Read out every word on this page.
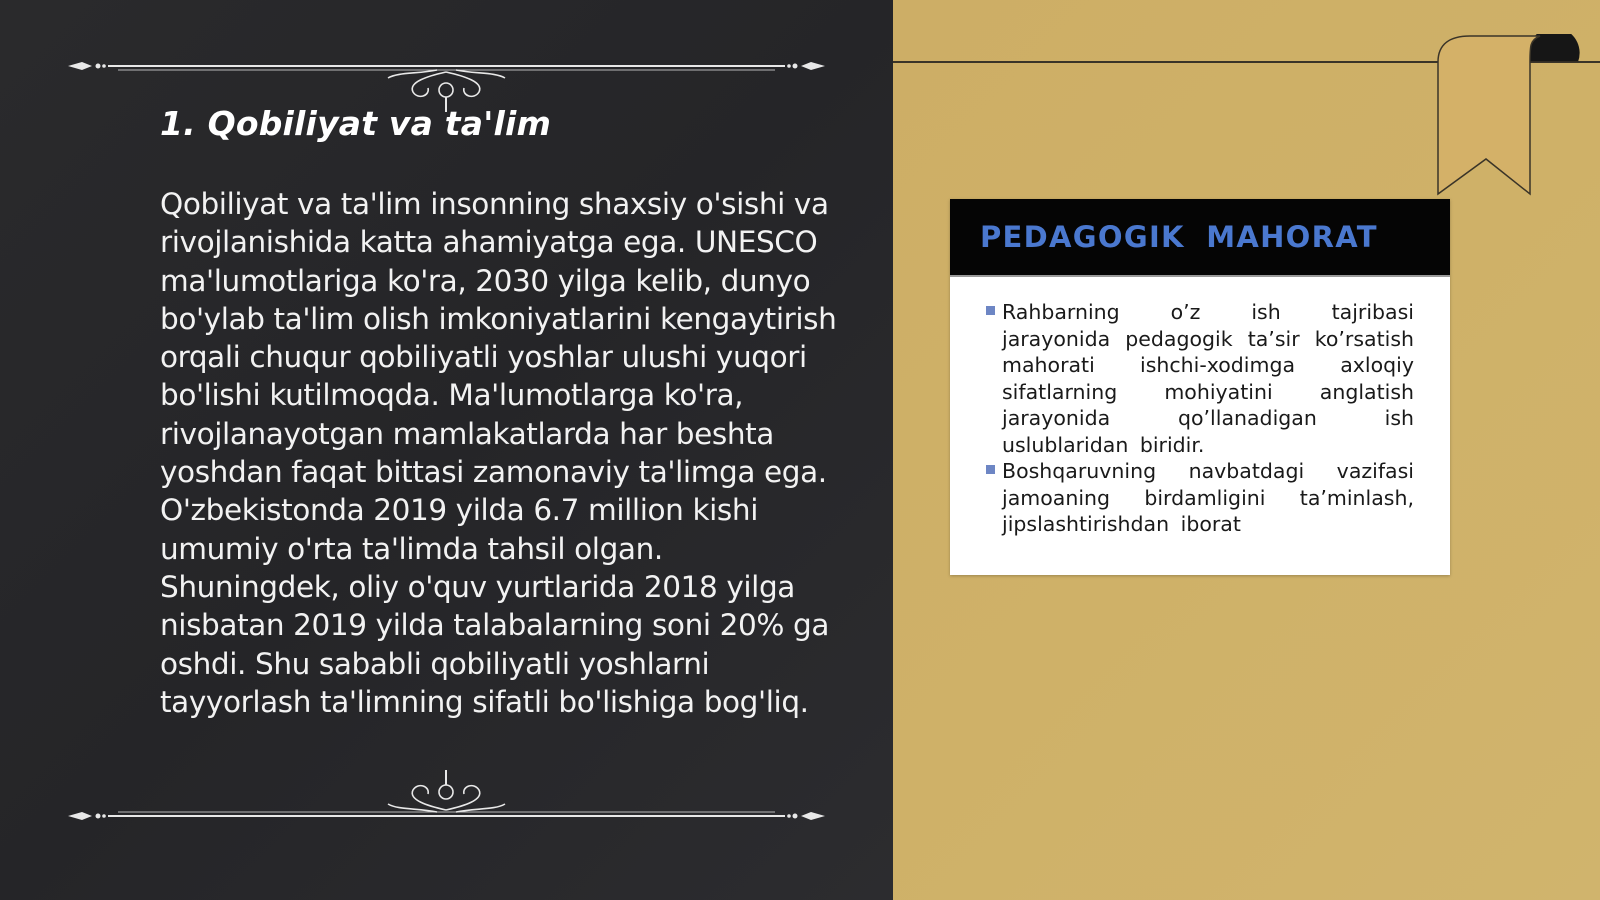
1. Qobiliyat va ta'lim

Qobiliyat va ta'lim insonning shaxsiy o'sishi va rivojlanishida katta ahamiyatga ega. UNESCO ma'lumotlariga ko'ra, 2030 yilga kelib, dunyo bo'ylab ta'lim olish imkoniyatlarini kengaytirish orqali chuqur qobiliyatli yoshlar ulushi yuqori bo'lishi kutilmoqda. Ma'lumotlarga ko'ra, rivojlanayotgan mamlakatlarda har beshta yoshdan faqat bittasi zamonaviy ta'limga ega. O'zbekistonda 2019 yilda 6.7 million kishi umumiy o'rta ta'limda tahsil olgan. Shuningdek, oliy o'quv yurtlarida 2018 yilga nisbatan 2019 yilda talabalarning soni 20% ga oshdi. Shu sababli qobiliyatli yoshlarni tayyorlash ta'limning sifatli bo'lishiga bog'liq.

PEDAGOGIK MAHORAT
Rahbarning o’z ish tajribasi jarayonida pedagogik ta’sir ko’rsatish mahorati ishchi-xodimga axloqiy sifatlarning mohiyatini anglatish jarayonida qo’llanadigan ish uslublaridan biridir.
Boshqaruvning navbatdagi vazifasi jamoaning birdamligini ta’minlash, jipslashtirishdan iborat
